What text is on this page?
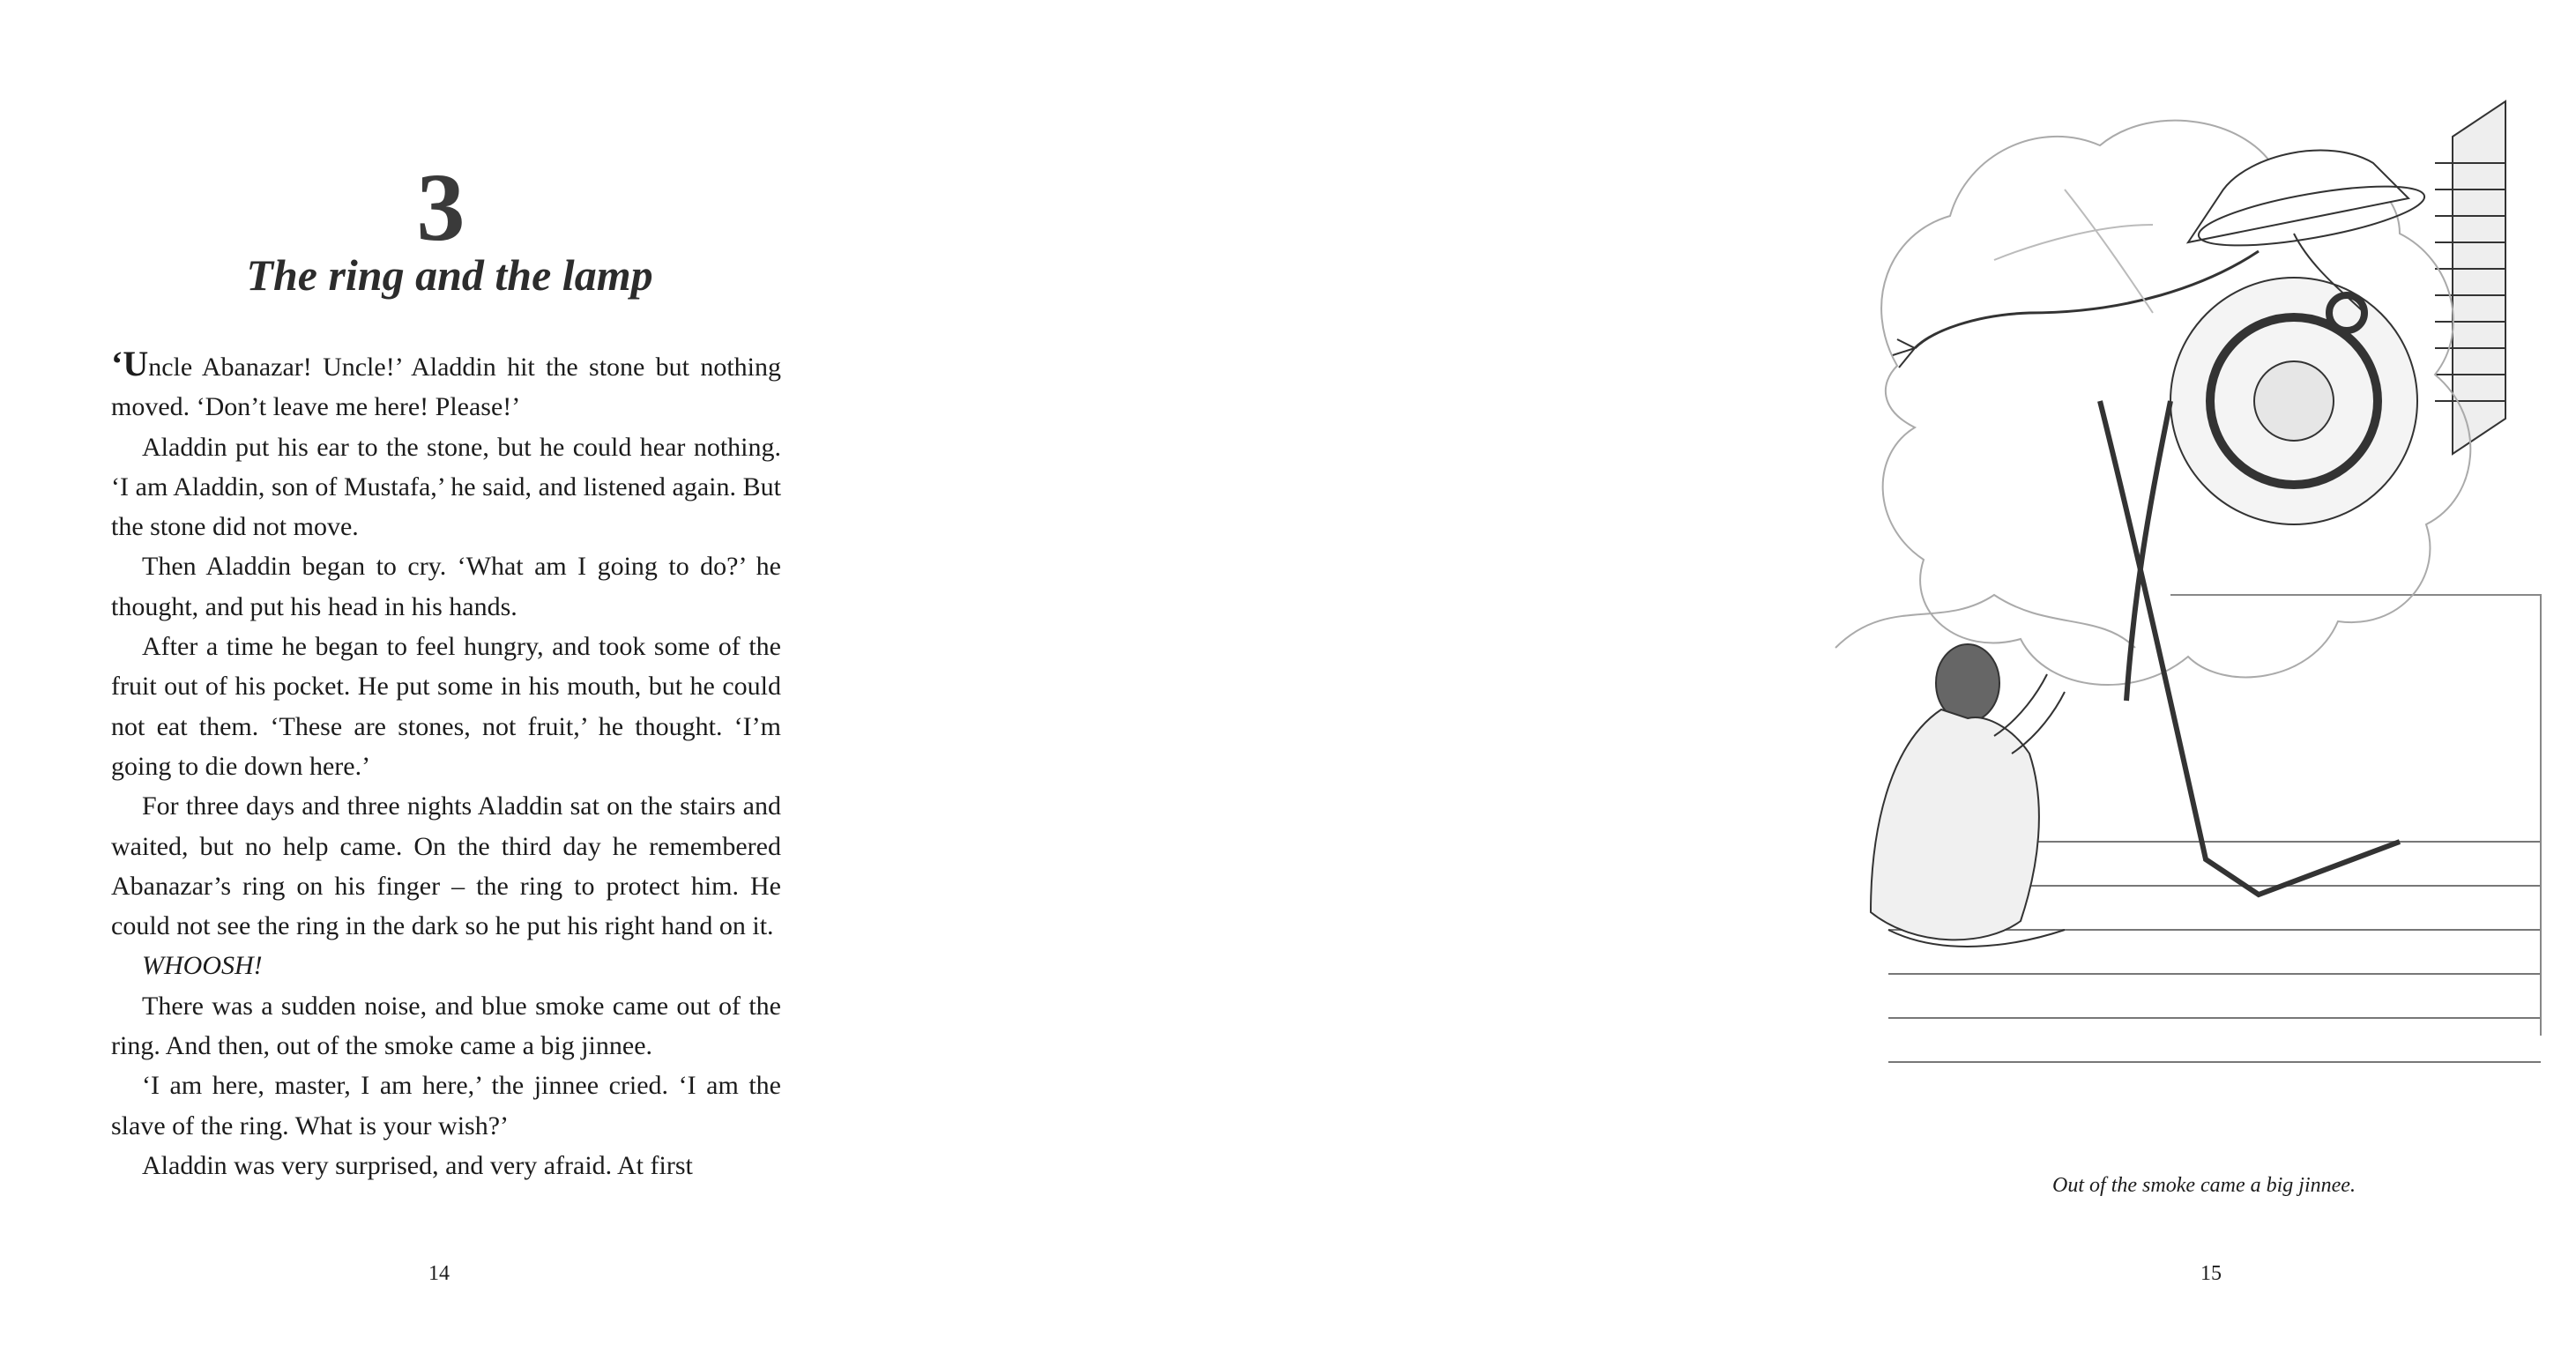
3
The ring and the lamp

‘Uncle Abanazar! Uncle!’ Aladdin hit the stone but nothing moved. ‘Don’t leave me here! Please!’

Aladdin put his ear to the stone, but he could hear nothing. ‘I am Aladdin, son of Mustafa,’ he said, and listened again. But the stone did not move.

Then Aladdin began to cry. ‘What am I going to do?’ he thought, and put his head in his hands.

After a time he began to feel hungry, and took some of the fruit out of his pocket. He put some in his mouth, but he could not eat them. ‘These are stones, not fruit,’ he thought. ‘I’m going to die down here.’

For three days and three nights Aladdin sat on the stairs and waited, but no help came. On the third day he remembered Abanazar’s ring on his finger – the ring to protect him. He could not see the ring in the dark so he put his right hand on it.

WHOOSH!

There was a sudden noise, and blue smoke came out of the ring. And then, out of the smoke came a big jinnee.

‘I am here, master, I am here,’ the jinnee cried. ‘I am the slave of the ring. What is your wish?’

Aladdin was very surprised, and very afraid. At first

14
Out of the smoke came a big jinnee.
15
